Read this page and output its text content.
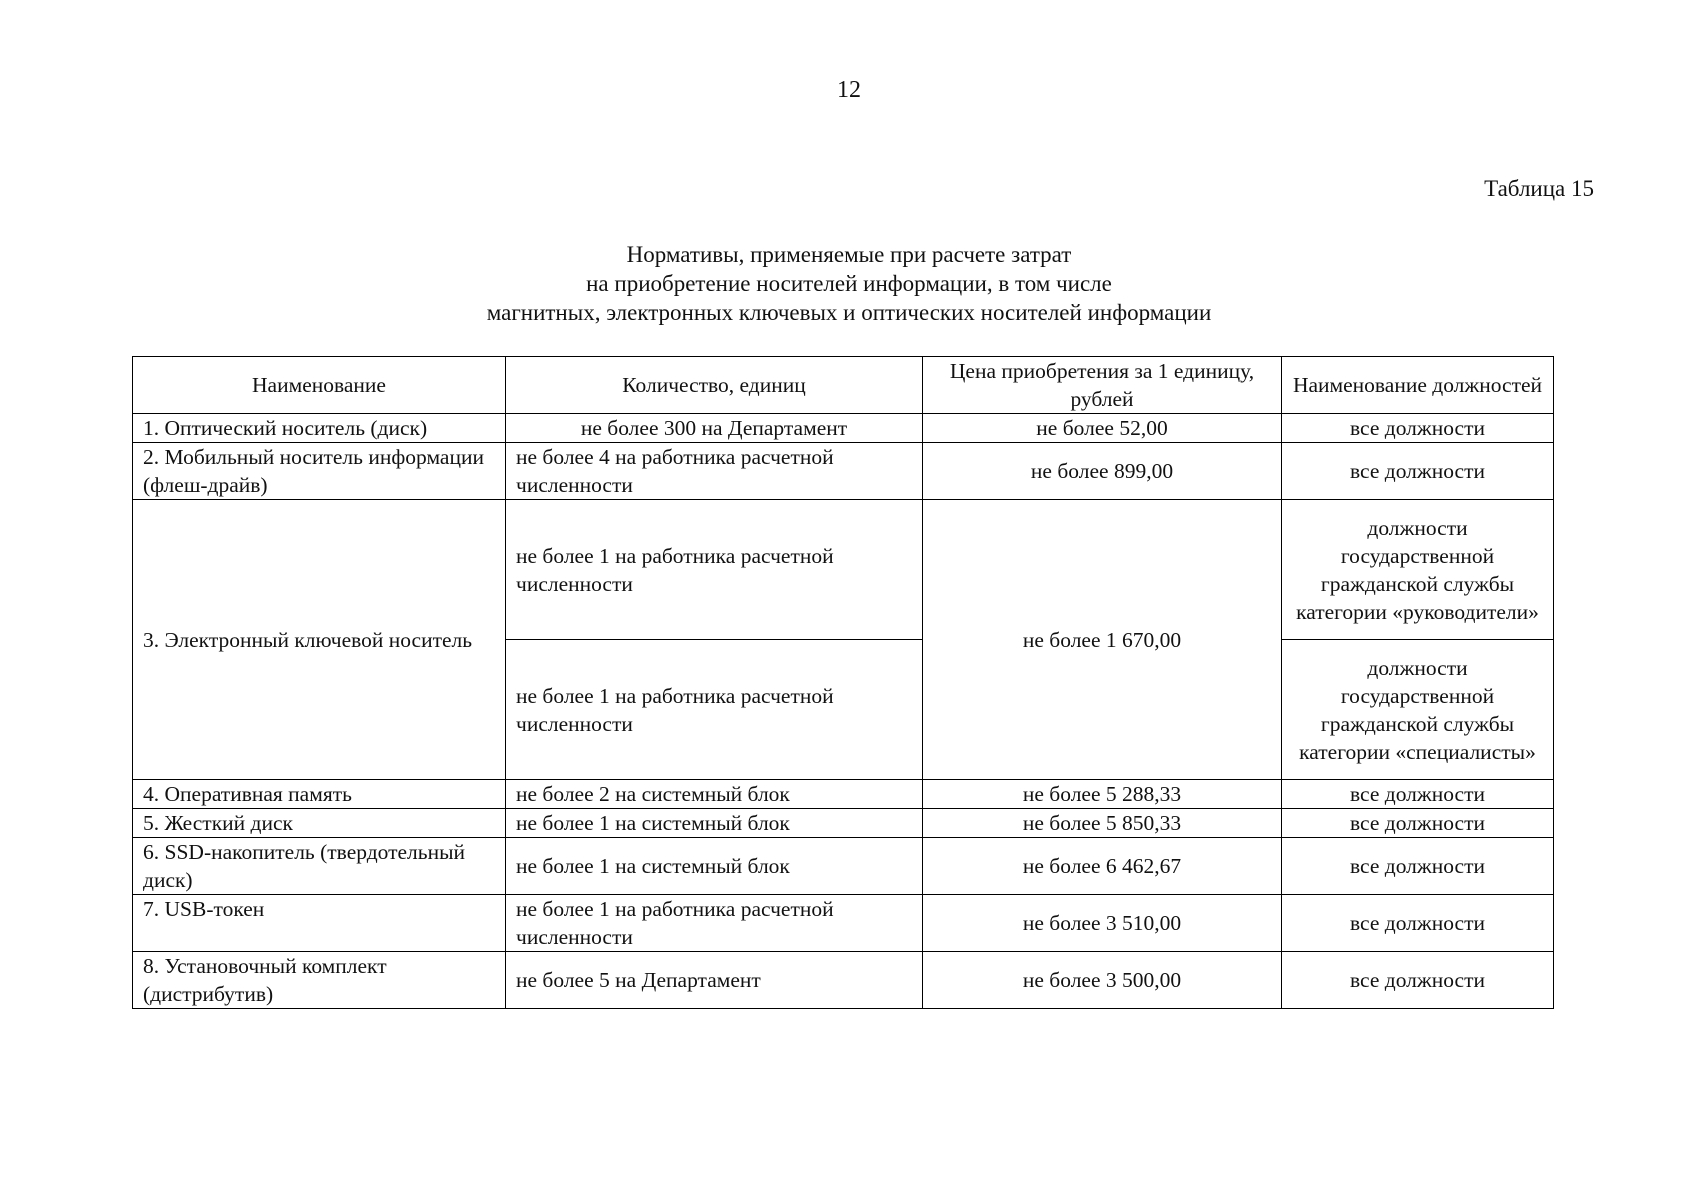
12
Таблица 15
Нормативы, применяемые при расчете затрат
на приобретение носителей информации, в том числе
магнитных, электронных ключевых и оптических носителей информации
Наименование	Количество, единиц	Цена приобретения за 1 единицу, рублей	Наименование должностей
1. Оптический носитель (диск)	не более 300 на Департамент	не более 52,00	все должности
2. Мобильный носитель информации (флеш-драйв)	не более 4 на работника расчетной численности	не более 899,00	все должности
3. Электронный ключевой носитель	не более 1 на работника расчетной численности	не более 1 670,00	должности государственной гражданской службы категории «руководители»
	не более 1 на работника расчетной численности		должности государственной гражданской службы категории «специалисты»
4. Оперативная память	не более 2 на системный блок	не более 5 288,33	все должности
5. Жесткий диск	не более 1 на системный блок	не более 5 850,33	все должности
6. SSD-накопитель (твердотельный диск)	не более 1 на системный блок	не более 6 462,67	все должности
7. USB-токен	не более 1 на работника расчетной численности	не более 3 510,00	все должности
8. Установочный комплект (дистрибутив)	не более 5 на Департамент	не более 3 500,00	все должности
